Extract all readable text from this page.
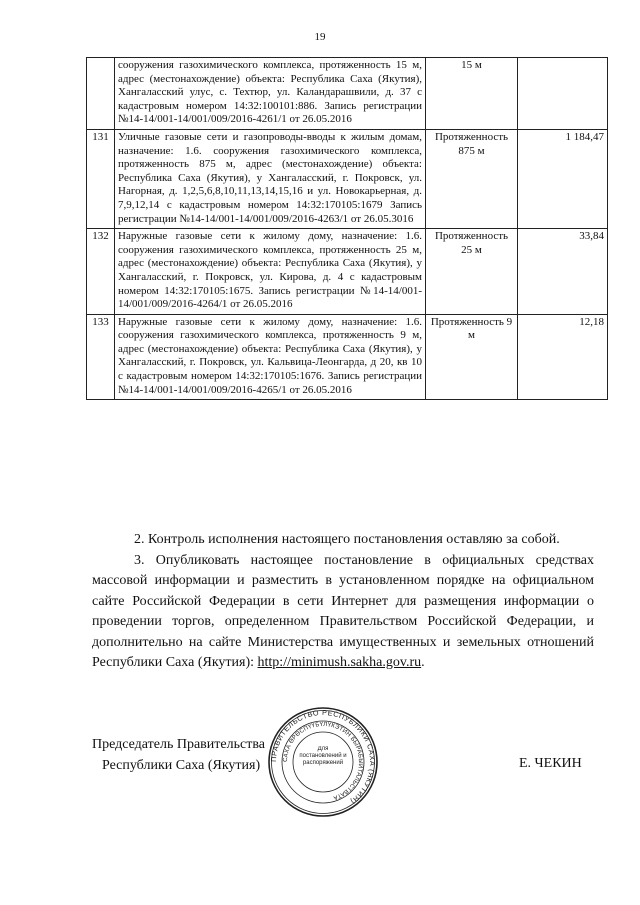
19
	сооружения газохимического комплекса, протяженность 15 м, адрес (местонахождение) объекта: Республика Саха (Якутия), Хангаласский улус, с. Техтюр, ул. Каландарашвили, д. 37 с кадастровым номером 14:32:100101:886. Запись регистрации №14-14/001-14/001/009/2016-4261/1 от 26.05.2016	15 м	
131	Уличные газовые сети и газопроводы-вводы к жилым домам, назначение: 1.6. сооружения газохимического комплекса, протяженность 875 м, адрес (местонахождение) объекта: Республика Саха (Якутия), у Хангаласский, г. Покровск, ул. Нагорная, д. 1,2,5,6,8,10,11,13,14,15,16 и ул. Новокарьерная, д. 7,9,12,14 с кадастровым номером 14:32:170105:1679 Запись регистрации №14-14/001-14/001/009/2016-4263/1 от 26.05.3016	Протяженность 875 м	1 184,47
132	Наружные газовые сети к жилому дому, назначение: 1.6. сооружения газохимического комплекса, протяженность 25 м, адрес (местонахождение) объекта: Республика Саха (Якутия), у Хангаласский, г. Покровск, ул. Кирова, д. 4 с кадастровым номером 14:32:170105:1675. Запись регистрации №14-14/001-14/001/009/2016-4264/1 от 26.05.2016	Протяженность 25 м	33,84
133	Наружные газовые сети к жилому дому, назначение: 1.6. сооружения газохимического комплекса, протяженность 9 м, адрес (местонахождение) объекта: Республика Саха (Якутия), у Хангаласский, г. Покровск, ул. Кальвица-Леонгарда, д 20, кв 10 с кадастровым номером 14:32:170105:1676. Запись регистрации №14-14/001-14/001/009/2016-4265/1 от 26.05.2016	Протяженность 9 м	12,18

2. Контроль исполнения настоящего постановления оставляю за собой.

3. Опубликовать настоящее постановление в официальных средствах массовой информации и разместить в установленном порядке на официальном сайте Российской Федерации в сети Интернет для размещения информации о проведении торгов, определенном Правительством Российской Федерации, и дополнительно на сайте Министерства имущественных и земельных отношений Республики Саха (Якутия): http://minimush.sakha.gov.ru.

Председатель Правительства
Республики Саха (Якутия)	ПРАВИТЕЛЬСТВО РЕСПУБЛИКИ САХА (ЯКУТИЯ)
САХА ӨРӨСПҮҮБҮЛҮКЭТИН БЫРАБЫЙТАЛЬСТВАТА
Для постановлений и распоряжений	Е. ЧЕКИН
